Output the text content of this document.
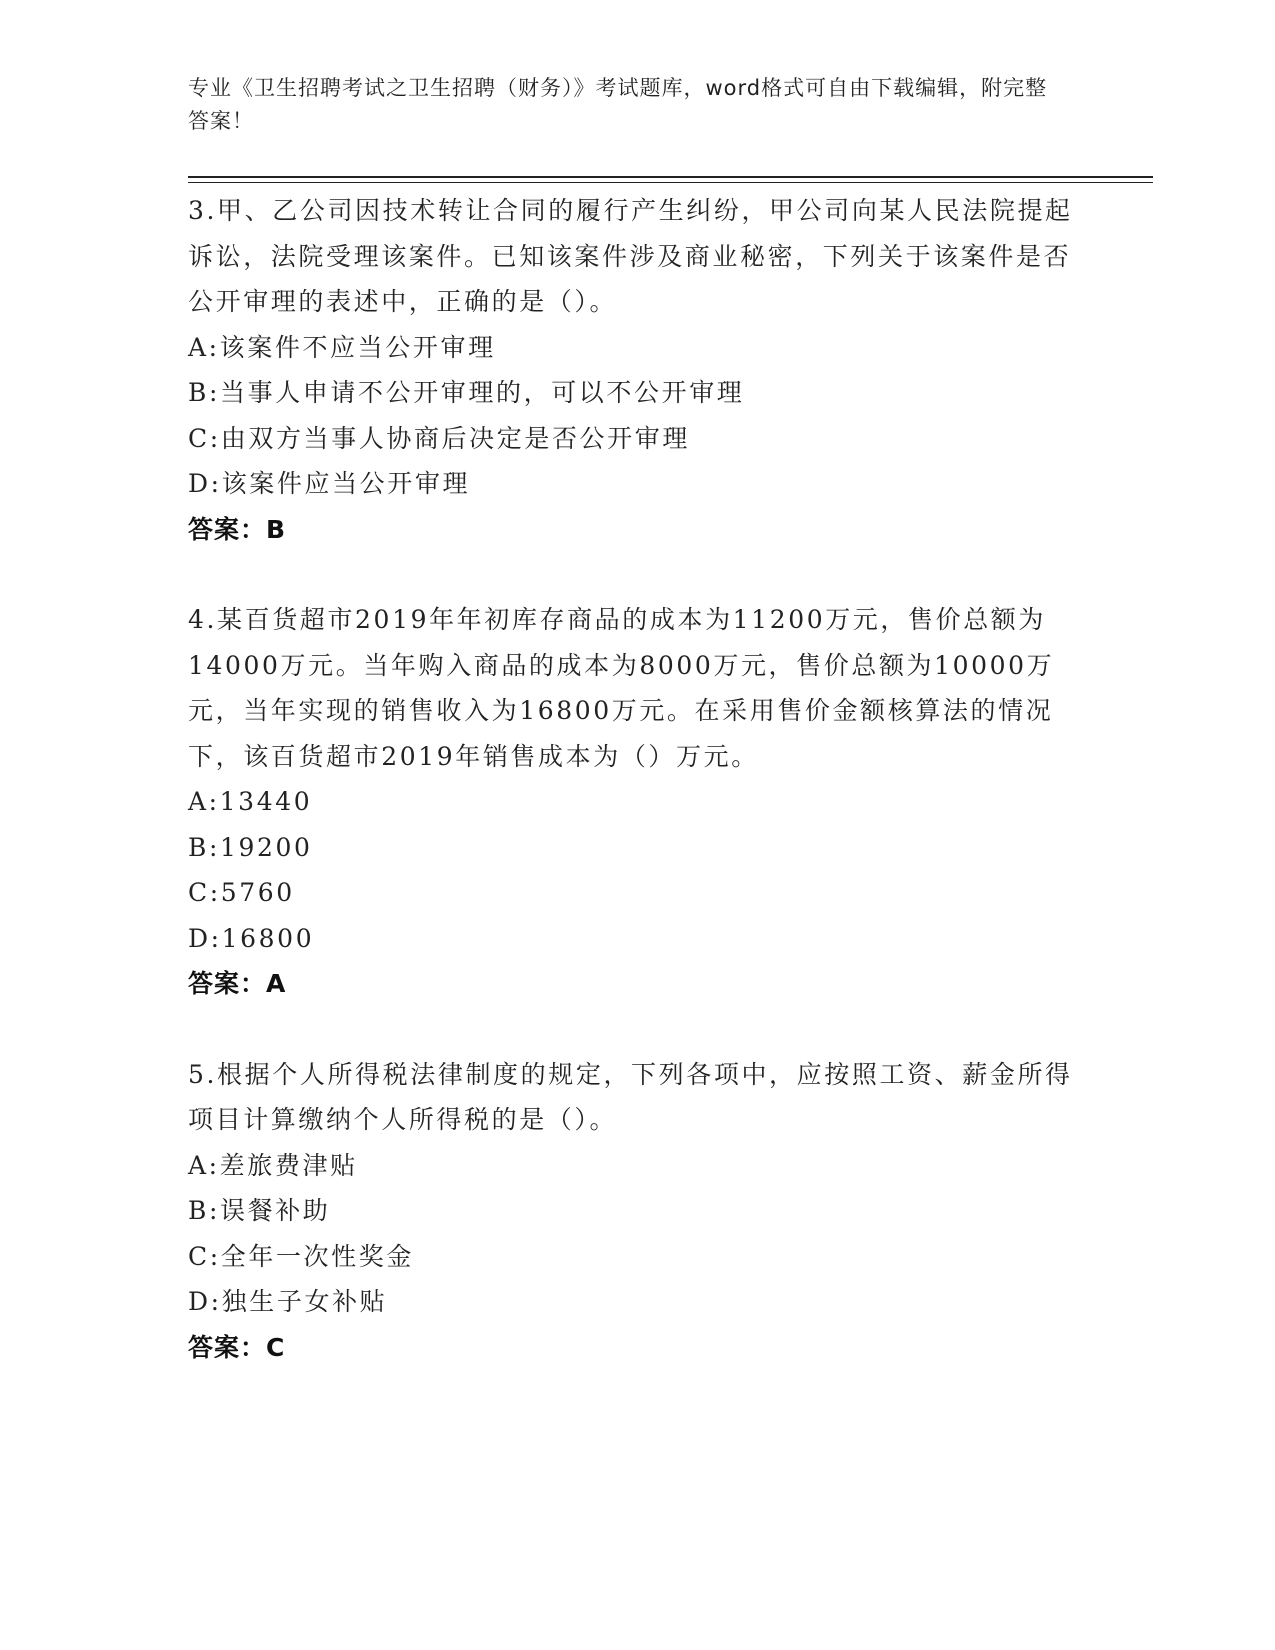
专业《卫生招聘考试之卫生招聘（财务）》考试题库，word格式可自由下载编辑，附完整答案！
3.甲、乙公司因技术转让合同的履行产生纠纷，甲公司向某人民法院提起诉讼，法院受理该案件。已知该案件涉及商业秘密，下列关于该案件是否公开审理的表述中，正确的是（）。
A:该案件不应当公开审理
B:当事人申请不公开审理的，可以不公开审理
C:由双方当事人协商后决定是否公开审理
D:该案件应当公开审理
答案：B
4.某百货超市2019年年初库存商品的成本为11200万元，售价总额为14000万元。当年购入商品的成本为8000万元，售价总额为10000万元，当年实现的销售收入为16800万元。在采用售价金额核算法的情况下，该百货超市2019年销售成本为（）万元。
A:13440
B:19200
C:5760
D:16800
答案：A
5.根据个人所得税法律制度的规定，下列各项中，应按照工资、薪金所得项目计算缴纳个人所得税的是（）。
A:差旅费津贴
B:误餐补助
C:全年一次性奖金
D:独生子女补贴
答案：C
